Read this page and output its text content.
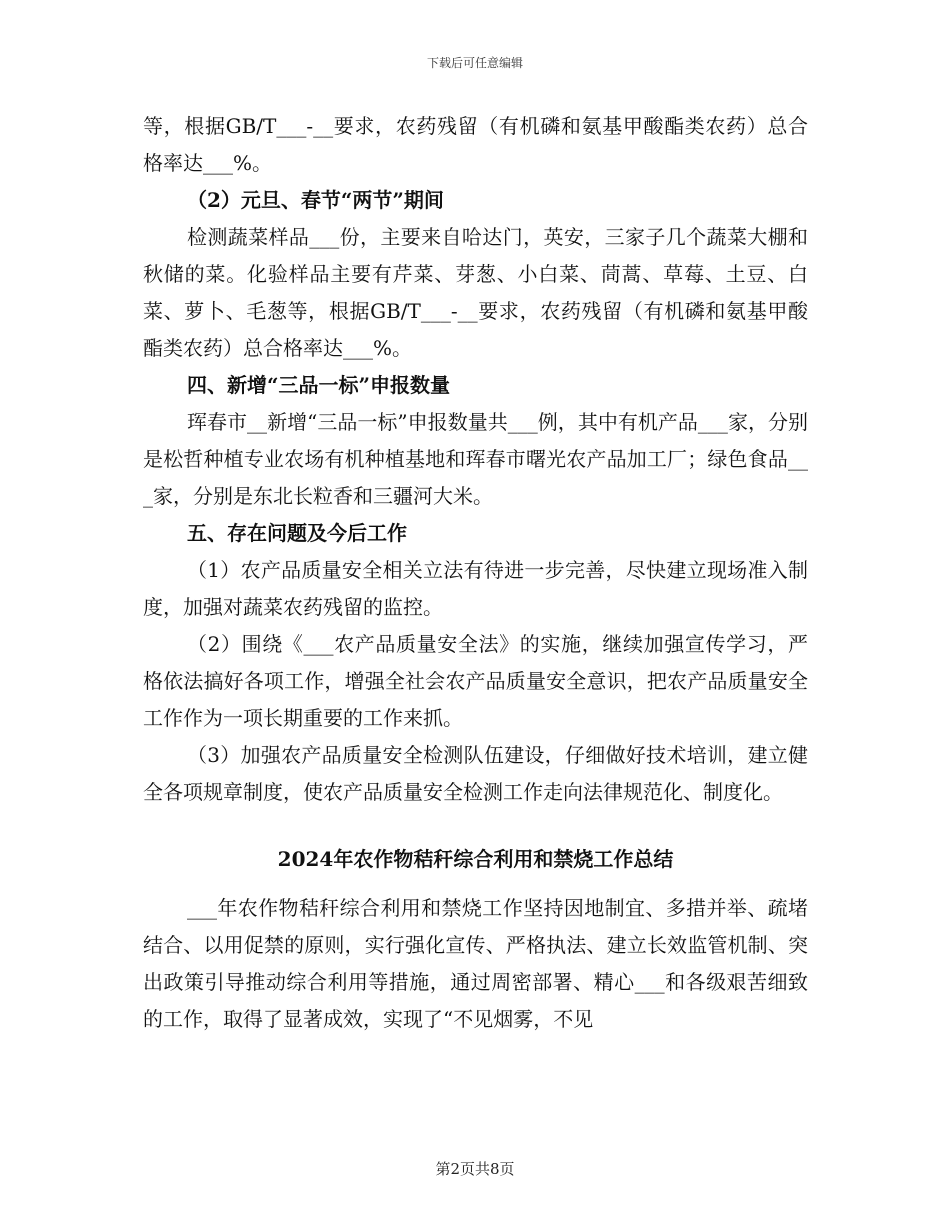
下载后可任意编辑

等，根据GB/T___-__要求，农药残留（有机磷和氨基甲酸酯类农药）总合格率达___%。

（2）元旦、春节“两节”期间

检测蔬菜样品___份，主要来自哈达门，英安，三家子几个蔬菜大棚和秋储的菜。化验样品主要有芹菜、芽葱、小白菜、茼蒿、草莓、土豆、白菜、萝卜、毛葱等，根据GB/T___-__要求，农药残留（有机磷和氨基甲酸酯类农药）总合格率达___%。

四、新增“三品一标”申报数量

珲春市__新增“三品一标”申报数量共___例，其中有机产品___家，分别是松哲种植专业农场有机种植基地和珲春市曙光农产品加工厂；绿色食品___家，分别是东北长粒香和三疆河大米。

五、存在问题及今后工作

（1）农产品质量安全相关立法有待进一步完善，尽快建立现场准入制度，加强对蔬菜农药残留的监控。

（2）围绕《___农产品质量安全法》的实施，继续加强宣传学习，严格依法搞好各项工作，增强全社会农产品质量安全意识，把农产品质量安全工作作为一项长期重要的工作来抓。

（3）加强农产品质量安全检测队伍建设，仔细做好技术培训，建立健全各项规章制度，使农产品质量安全检测工作走向法律规范化、制度化。

2024年农作物秸秆综合利用和禁烧工作总结

___年农作物秸秆综合利用和禁烧工作坚持因地制宜、多措并举、疏堵结合、以用促禁的原则，实行强化宣传、严格执法、建立长效监管机制、突出政策引导推动综合利用等措施，通过周密部署、精心___和各级艰苦细致的工作，取得了显著成效，实现了“不见烟雾，不见

第2页共8页
